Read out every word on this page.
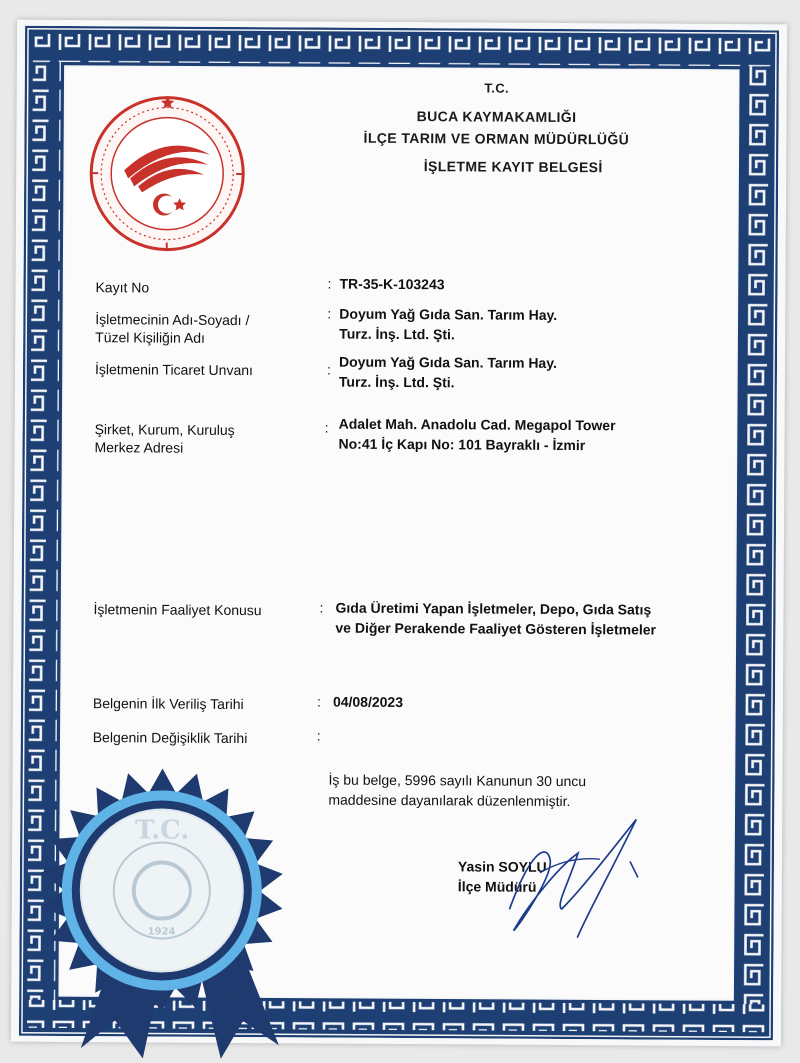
T.C.
BUCA KAYMAKAMLIĞI
İLÇE TARIM VE ORMAN MÜDÜRLÜĞÜ
İŞLETME KAYIT BELGESİ
Kayıt No	: TR-35-K-103243
İşletmecinin Adı-Soyadı /
Tüzel Kişiliğin Adı
: Doyum Yağ Gıda San. Tarım Hay.
Turz. İnş. Ltd. Şti.
İşletmenin Ticaret Unvanı	: Doyum Yağ Gıda San. Tarım Hay.
Turz. İnş. Ltd. Şti.
Şirket, Kurum, Kuruluş
Merkez Adresi
: Adalet Mah. Anadolu Cad. Megapol Tower
No:41 İç Kapı No: 101 Bayraklı - İzmir
İşletmenin Faaliyet Konusu	: Gıda Üretimi Yapan İşletmeler, Depo, Gıda Satış
ve Diğer Perakende Faaliyet Gösteren İşletmeler
Belgenin İlk Veriliş Tarihi	: 04/08/2023
Belgenin Değişiklik Tarihi	:
İş bu belge, 5996 sayılı Kanunun 30 uncu
maddesine dayanılarak düzenlenmiştir.
Yasin SOYLU
İlçe Müdürü
T.C.
1924
